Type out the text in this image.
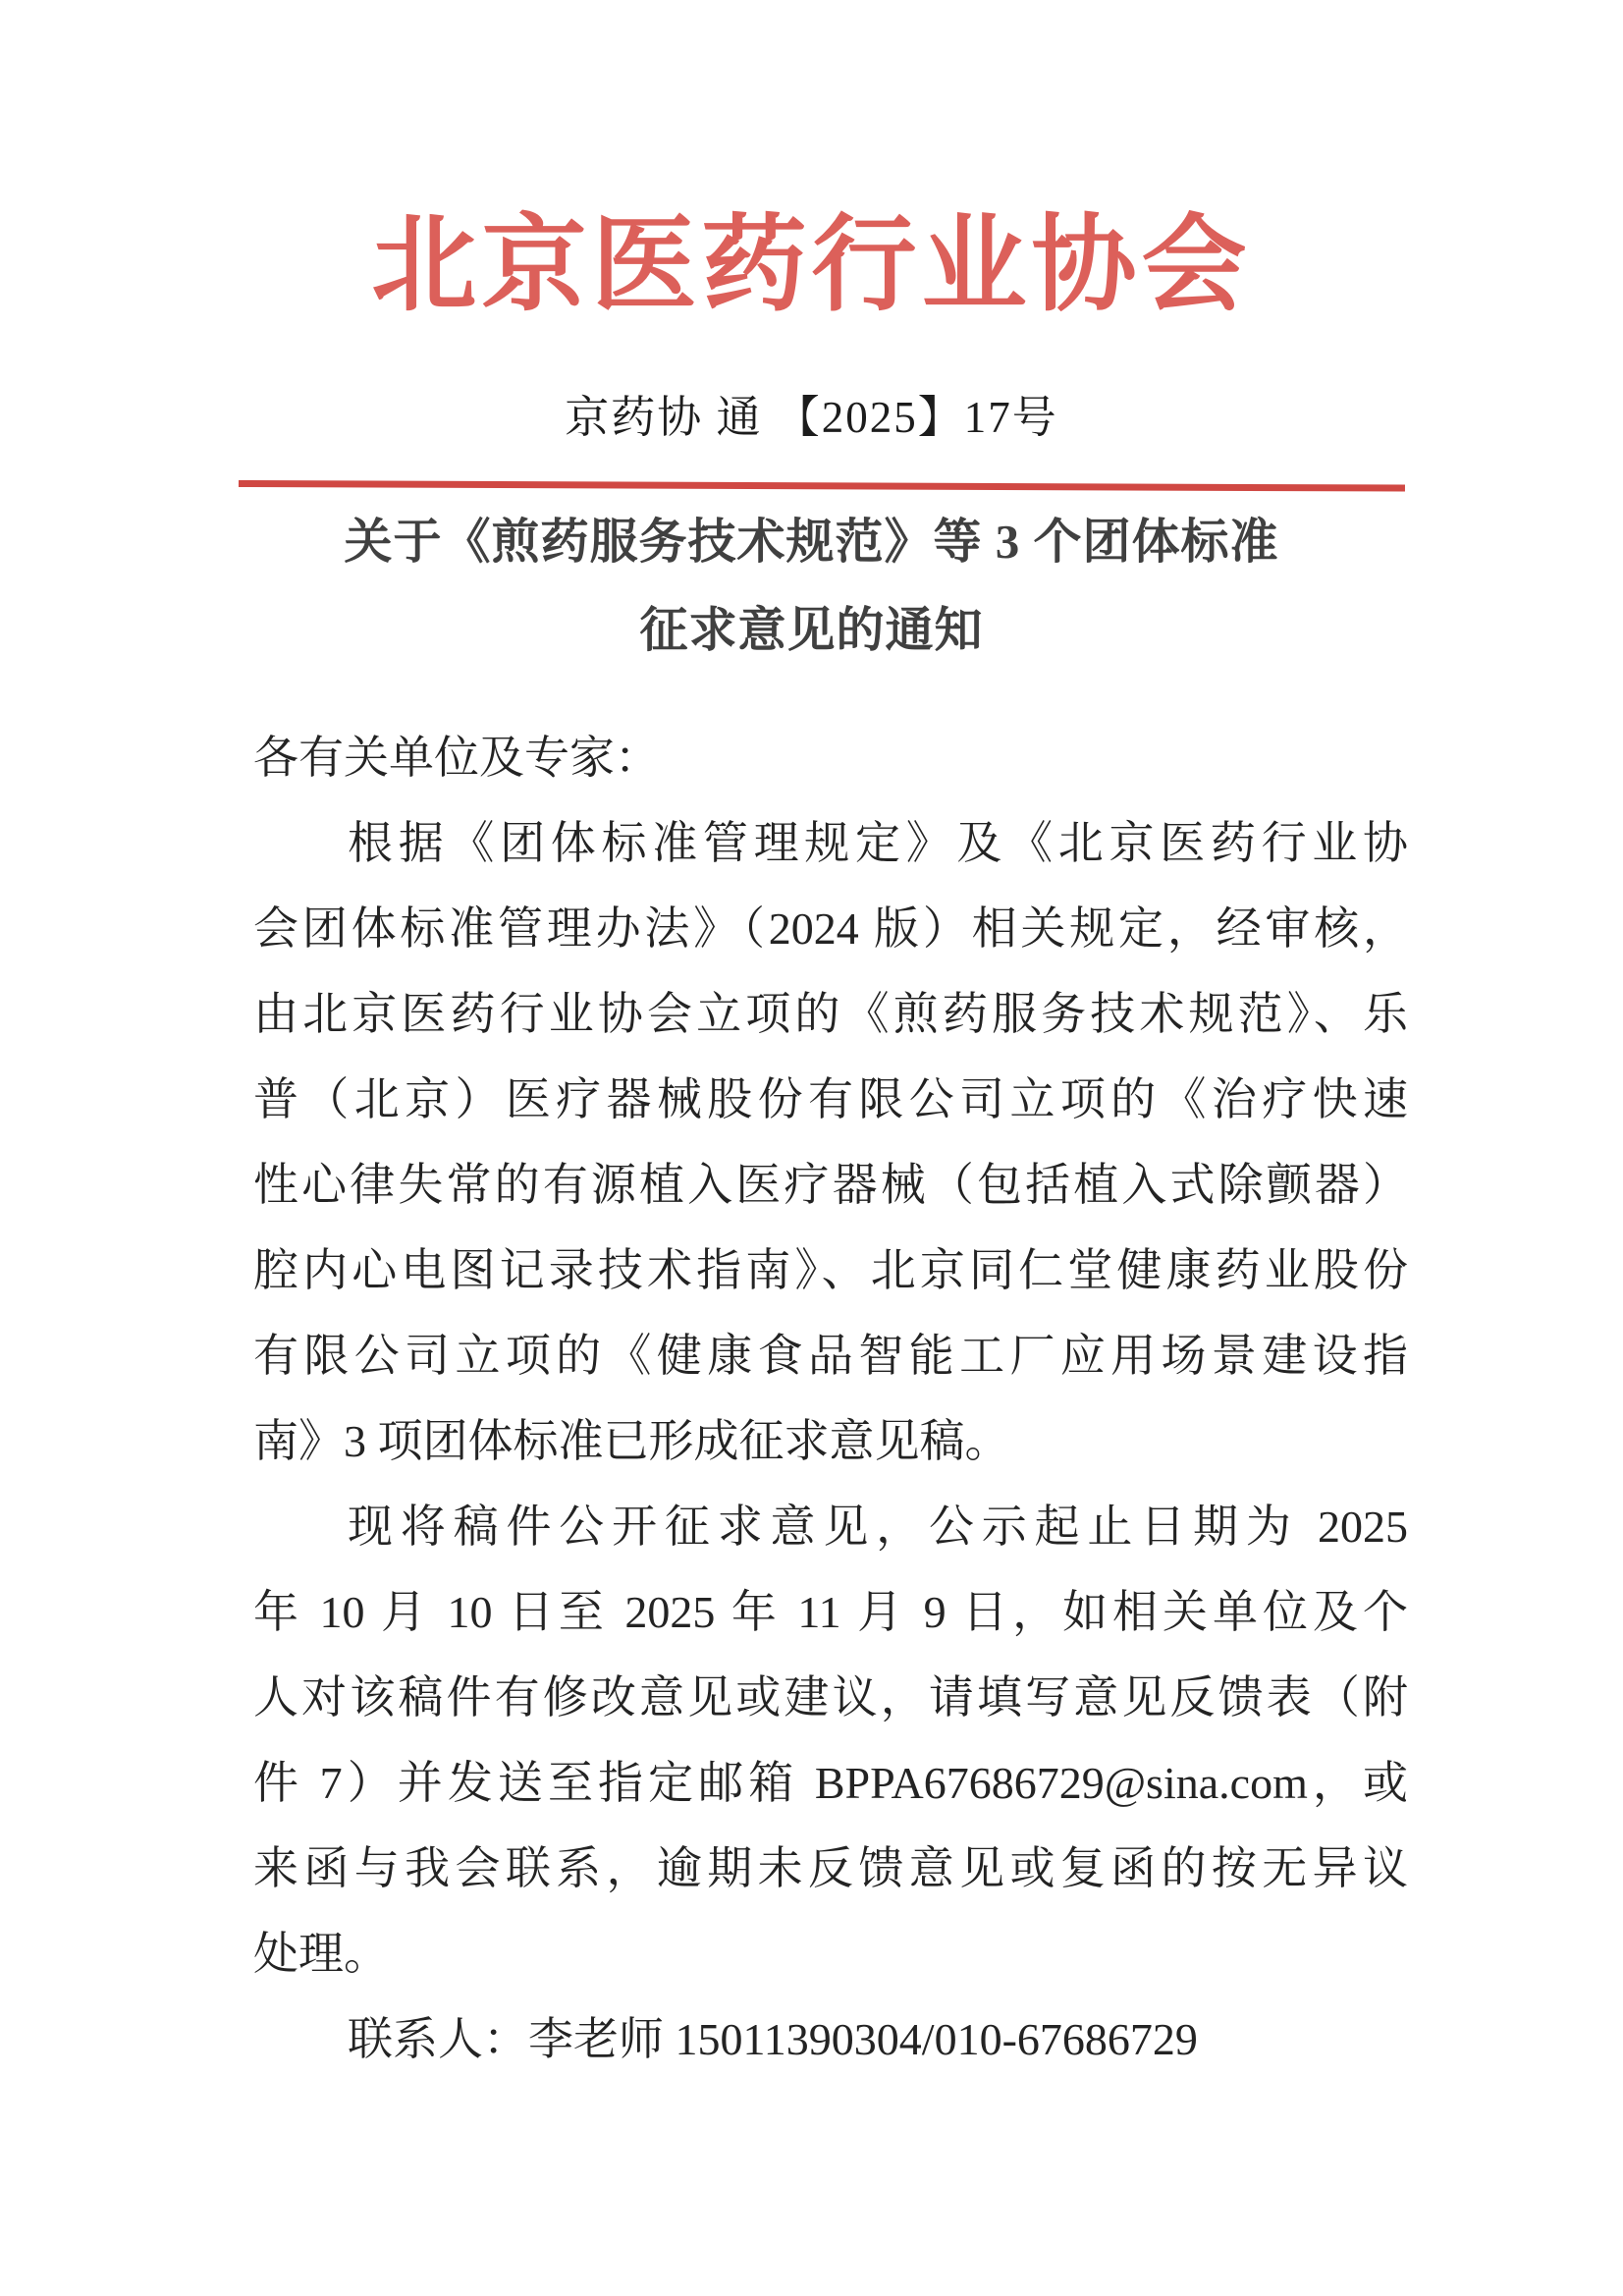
北京医药行业协会
京药协 通 【2025】17号
关于《煎药服务技术规范》等 3 个团体标准
征求意见的通知
各有关单位及专家：
根据《团体标准管理规定》及《北京医药行业协
会团体标准管理办法》（2024 版）相关规定，经审核，
由北京医药行业协会立项的《煎药服务技术规范》、乐
普（北京）医疗器械股份有限公司立项的《治疗快速
性心律失常的有源植入医疗器械（包括植入式除颤器）
腔内心电图记录技术指南》、北京同仁堂健康药业股份
有限公司立项的《健康食品智能工厂应用场景建设指
南》3 项团体标准已形成征求意见稿。
现将稿件公开征求意见，公示起止日期为 2025
年 10 月 10 日至 2025 年 11 月 9 日，如相关单位及个
人对该稿件有修改意见或建议，请填写意见反馈表（附
件 7）并发送至指定邮箱 BPPA67686729@sina.com，或
来函与我会联系，逾期未反馈意见或复函的按无异议
处理。
联系人：李老师 15011390304/010-67686729
